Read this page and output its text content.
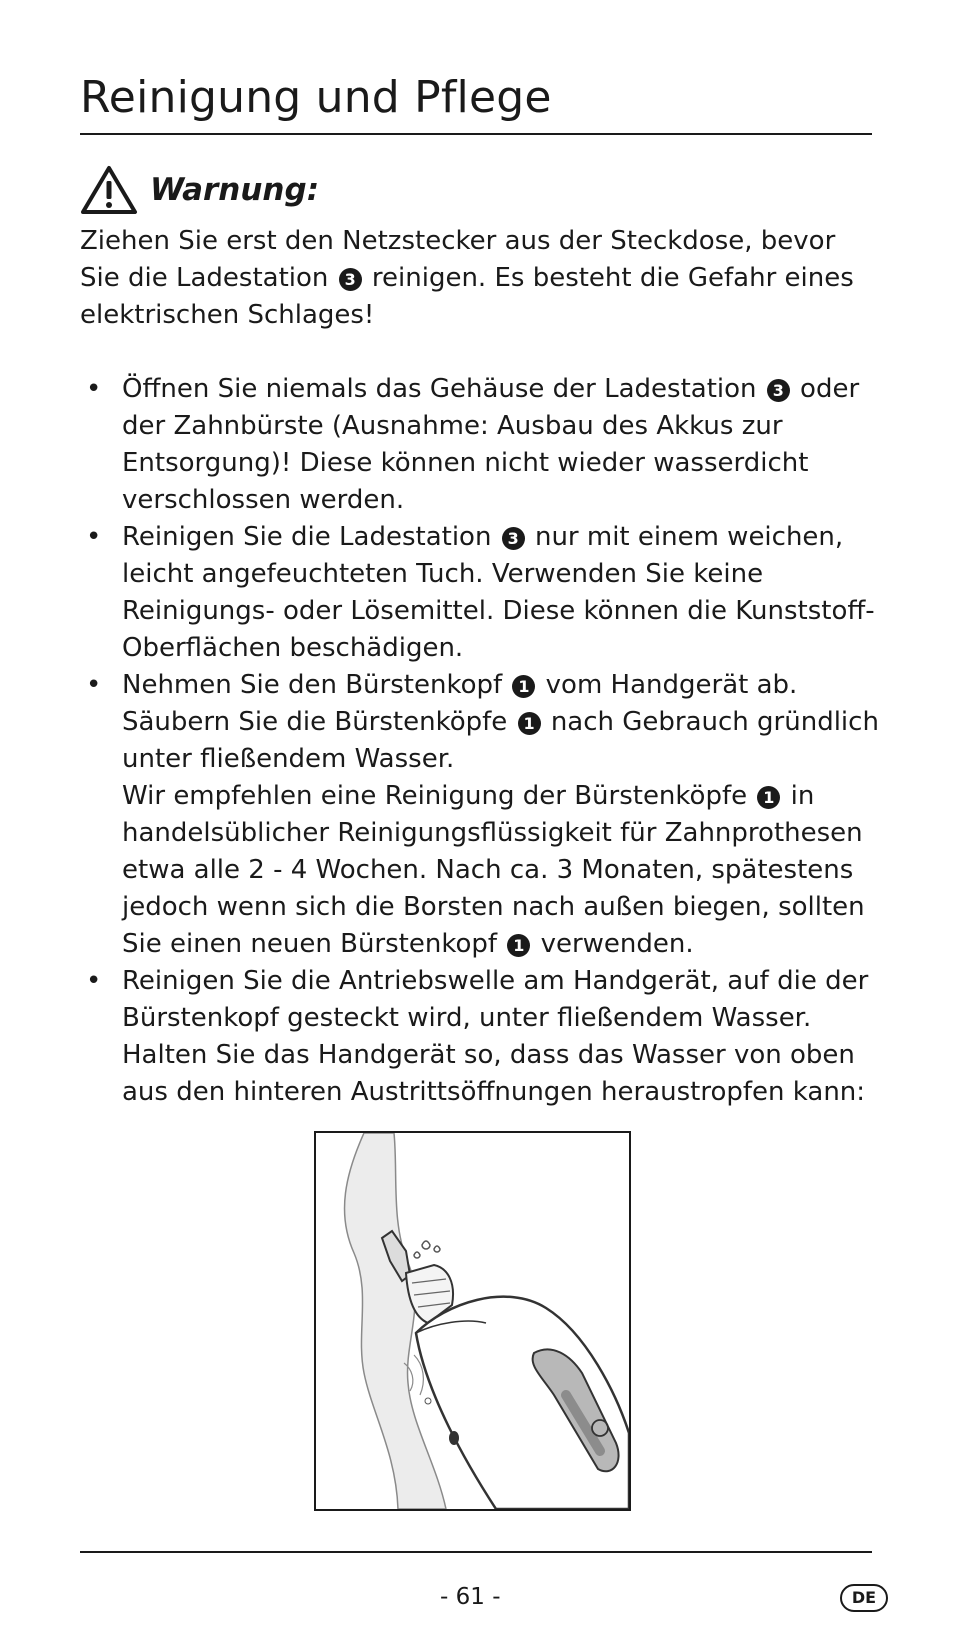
Reinigung und Pflege
Warnung:
Ziehen Sie erst den Netzstecker aus der Steckdose, bevor Sie die Ladestation 3 reinigen. Es besteht die Gefahr eines elektrischen Schlages!
• Öffnen Sie niemals das Gehäuse der Ladestation 3 oder der Zahnbürste (Ausnahme: Ausbau des Akkus zur Entsorgung)! Diese können nicht wieder wasserdicht verschlossen werden.
• Reinigen Sie die Ladestation 3 nur mit einem weichen, leicht angefeuchteten Tuch. Verwenden Sie keine Reinigungs- oder Lösemittel. Diese können die Kunststoff-Oberflächen beschädigen.
• Nehmen Sie den Bürstenkopf 1 vom Handgerät ab. Säubern Sie die Bürstenköpfe 1 nach Gebrauch gründlich unter fließendem Wasser.
Wir empfehlen eine Reinigung der Bürstenköpfe 1 in handelsüblicher Reinigungsflüssigkeit für Zahnprothesen etwa alle 2 - 4 Wochen. Nach ca. 3 Monaten, spätestens jedoch wenn sich die Borsten nach außen biegen, sollten Sie einen neuen Bürstenkopf 1 verwenden.
• Reinigen Sie die Antriebswelle am Handgerät, auf die der Bürstenkopf gesteckt wird, unter fließendem Wasser. Halten Sie das Handgerät so, dass das Wasser von oben aus den hinteren Austrittsöffnungen heraustropfen kann:
- 61 -	DE
